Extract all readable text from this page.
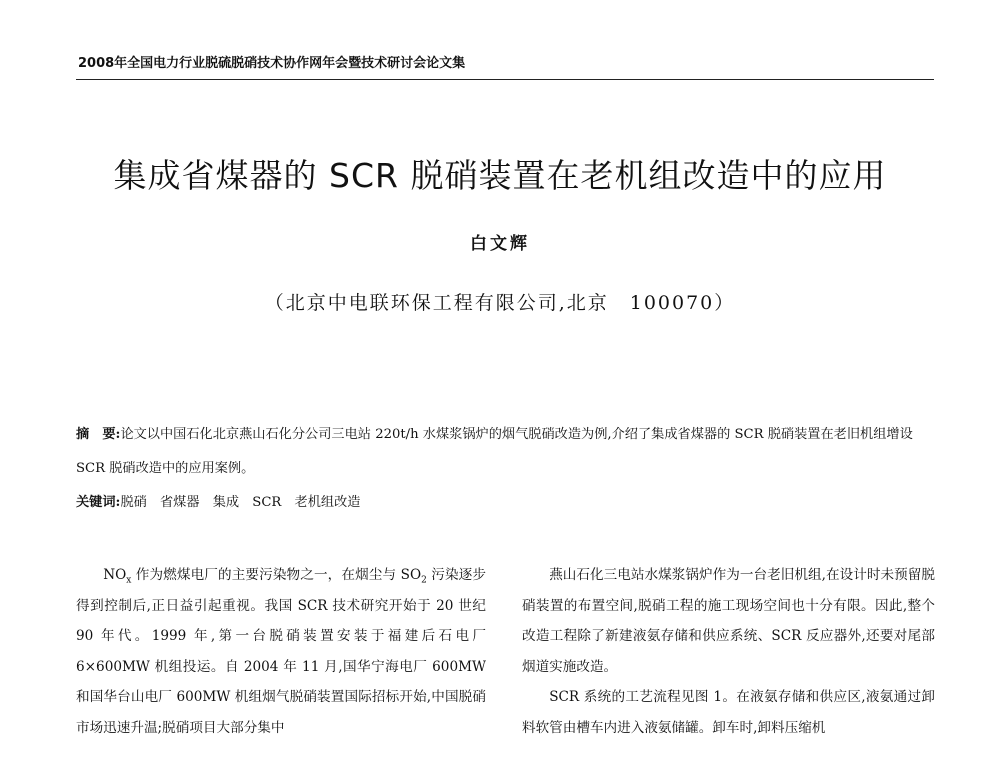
2008年全国电力行业脱硫脱硝技术协作网年会暨技术研讨会论文集
集成省煤器的 SCR 脱硝装置在老机组改造中的应用
白文辉
（北京中电联环保工程有限公司,北京　100070）
摘　要:论文以中国石化北京燕山石化分公司三电站 220t/h 水煤浆锅炉的烟气脱硝改造为例,介绍了集成省煤器的 SCR 脱硝装置在老旧机组增设 SCR 脱硝改造中的应用案例。
关键词:脱硝　省煤器　集成　SCR　老机组改造

$NO_x$ 作为燃煤电厂的主要污染物之一，在烟尘与 $SO_2$ 污染逐步得到控制后,正日益引起重视。我国 SCR 技术研究开始于 20 世纪 90 年代。1999 年,第一台脱硝装置安装于福建后石电厂 6×600MW 机组投运。自 2004 年 11 月,国华宁海电厂 600MW 和国华台山电厂 600MW 机组烟气脱硝装置国际招标开始,中国脱硝市场迅速升温;脱硝项目大部分集中

燕山石化三电站水煤浆锅炉作为一台老旧机组,在设计时未预留脱硝装置的布置空间,脱硝工程的施工现场空间也十分有限。因此,整个改造工程除了新建液氨存储和供应系统、SCR 反应器外,还要对尾部烟道实施改造。

SCR 系统的工艺流程见图 1。在液氨存储和供应区,液氨通过卸料软管由槽车内进入液氨储罐。卸车时,卸料压缩机
